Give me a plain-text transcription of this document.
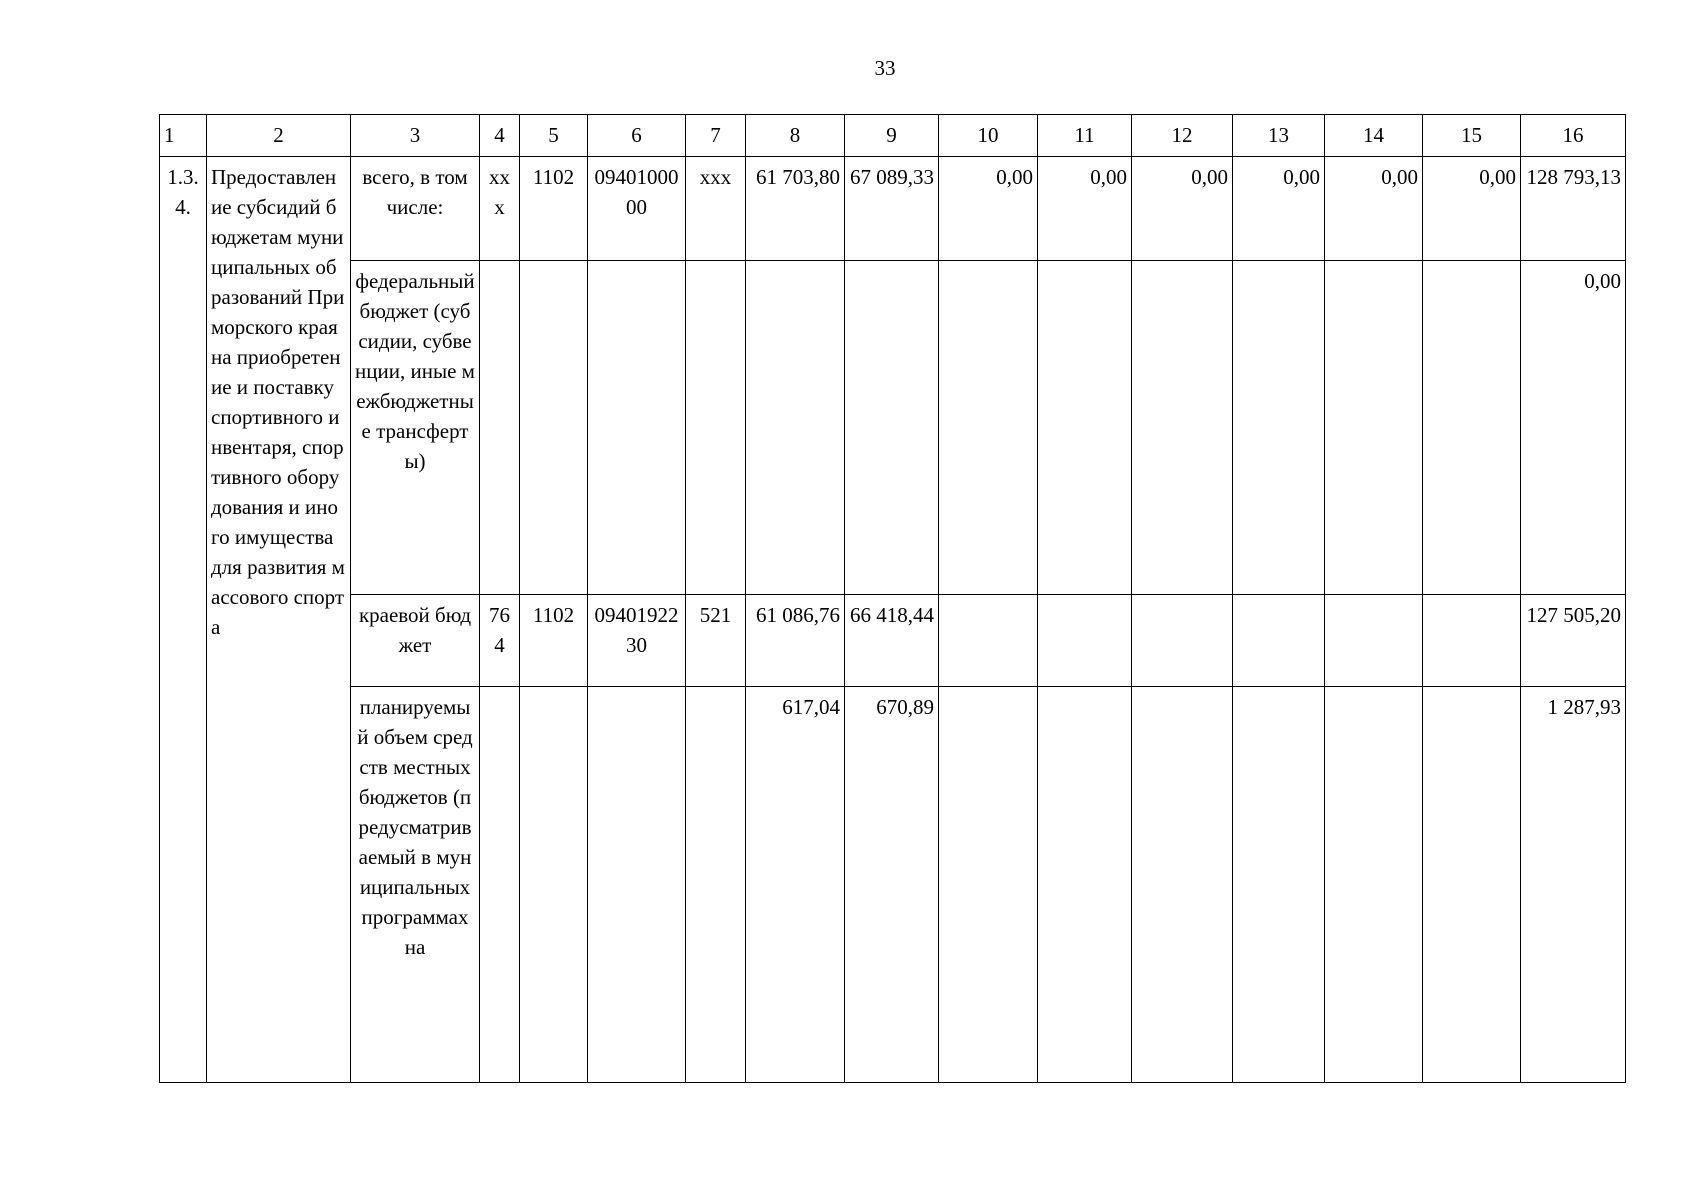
33
1	2	3	4	5	6	7	8	9	10	11	12	13	14	15	16
1.3.4.	Предоставление субсидий бюджетам муниципальных образований Приморского края на приобретение и поставку спортивного инвентаря, спортивного оборудования и иного имущества для развития массового спорта	всего, в том числе:	xxx	1102	0940100000	xxx	61 703,80	67 089,33	0,00	0,00	0,00	0,00	0,00	0,00	128 793,13
		федеральный бюджет (субсидии, субвенции, иные межбюджетные трансферты)													0,00
		краевой бюджет	764	1102	0940192230	521	61 086,76	66 418,44							127 505,20
		планируемый объем средств местных бюджетов (предусматриваемый в муниципальных программах на					617,04	670,89							1 287,93
